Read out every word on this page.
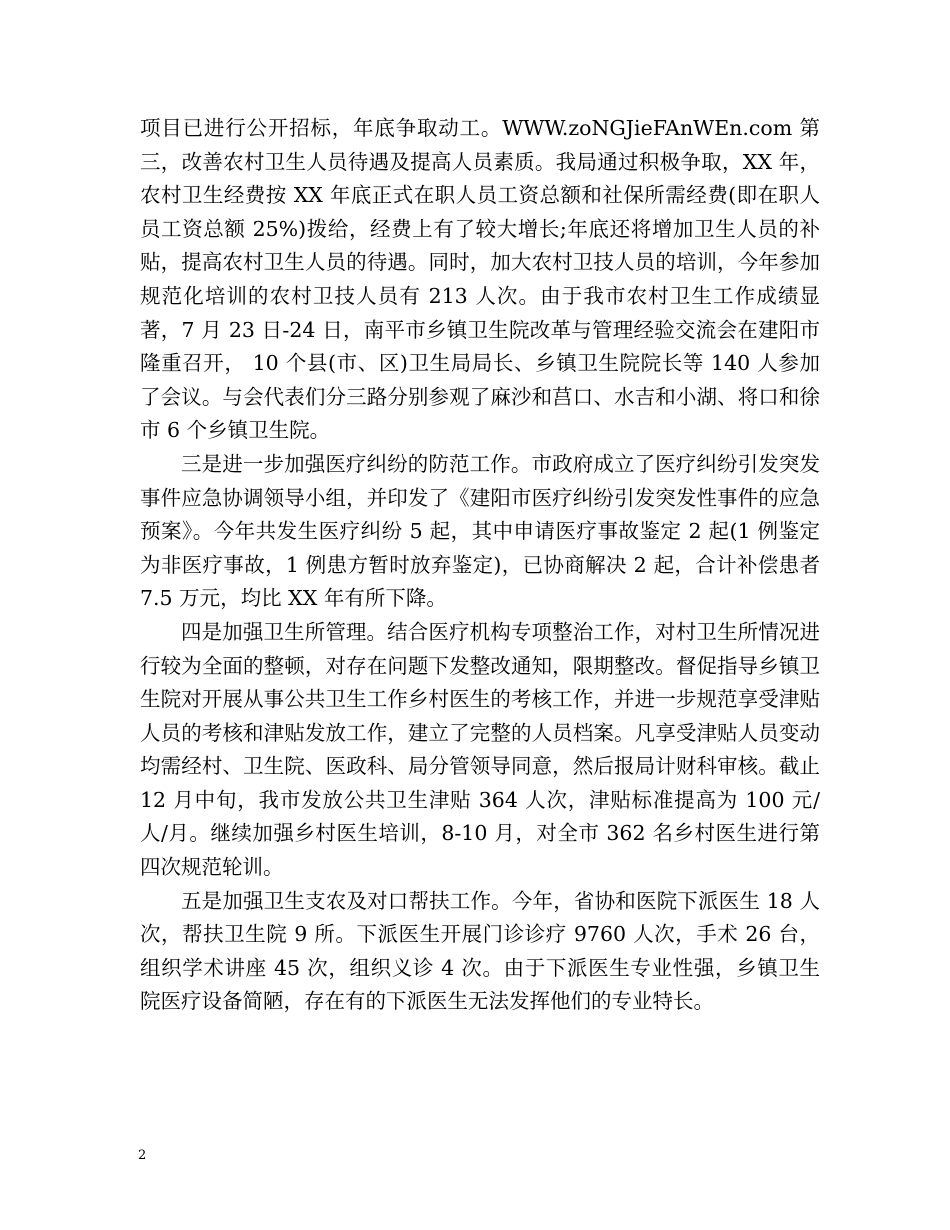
项目已进行公开招标，年底争取动工。WWW.zoNGJieFAnWEn.com 第三，改善农村卫生人员待遇及提高人员素质。我局通过积极争取，XX 年，农村卫生经费按 XX 年底正式在职人员工资总额和社保所需经费(即在职人员工资总额 25%)拨给，经费上有了较大增长;年底还将增加卫生人员的补贴，提高农村卫生人员的待遇。同时，加大农村卫技人员的培训，今年参加规范化培训的农村卫技人员有 213 人次。由于我市农村卫生工作成绩显著，7 月 23 日-24 日，南平市乡镇卫生院改革与管理经验交流会在建阳市隆重召开， 10 个县(市、区)卫生局局长、乡镇卫生院院长等 140 人参加了会议。与会代表们分三路分别参观了麻沙和莒口、水吉和小湖、将口和徐市 6 个乡镇卫生院。

三是进一步加强医疗纠纷的防范工作。市政府成立了医疗纠纷引发突发事件应急协调领导小组，并印发了《建阳市医疗纠纷引发突发性事件的应急预案》。今年共发生医疗纠纷 5 起，其中申请医疗事故鉴定 2 起(1 例鉴定为非医疗事故，1 例患方暂时放弃鉴定)，已协商解决 2 起，合计补偿患者 7.5 万元，均比 XX 年有所下降。

四是加强卫生所管理。结合医疗机构专项整治工作，对村卫生所情况进行较为全面的整顿，对存在问题下发整改通知，限期整改。督促指导乡镇卫生院对开展从事公共卫生工作乡村医生的考核工作，并进一步规范享受津贴人员的考核和津贴发放工作，建立了完整的人员档案。凡享受津贴人员变动均需经村、卫生院、医政科、局分管领导同意，然后报局计财科审核。截止 12 月中旬，我市发放公共卫生津贴 364 人次，津贴标准提高为 100 元/人/月。继续加强乡村医生培训，8-10 月，对全市 362 名乡村医生进行第四次规范轮训。

五是加强卫生支农及对口帮扶工作。今年，省协和医院下派医生 18 人次，帮扶卫生院 9 所。下派医生开展门诊诊疗 9760 人次，手术 26 台，组织学术讲座 45 次，组织义诊 4 次。由于下派医生专业性强，乡镇卫生院医疗设备简陋，存在有的下派医生无法发挥他们的专业特长。

2
